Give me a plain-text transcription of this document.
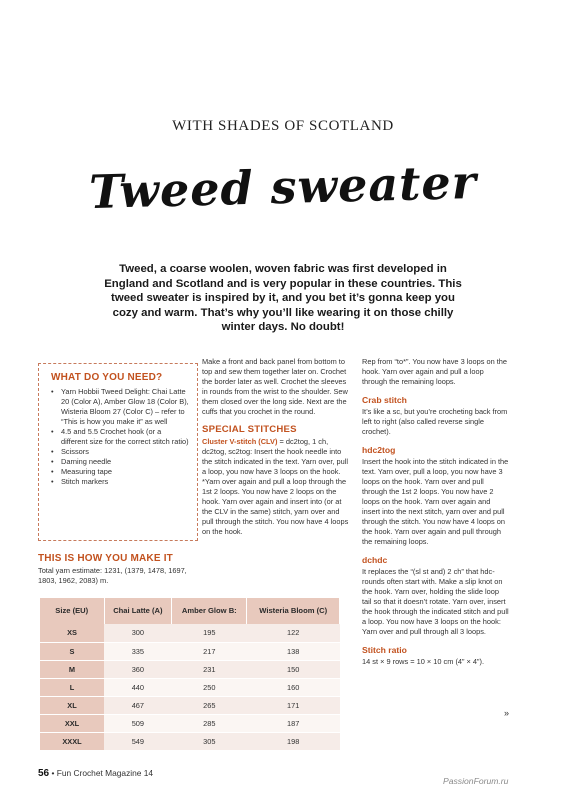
WITH SHADES OF SCOTLAND
Tweed sweater
Tweed, a coarse woolen, woven fabric was first developed in England and Scotland and is very popular in these countries. This tweed sweater is inspired by it, and you bet it’s gonna keep you cozy and warm. That’s why you’ll like wearing it on those chilly winter days. No doubt!
WHAT DO YOU NEED?
• Yarn Hobbii Tweed Delight: Chai Latte 20 (Color A), Amber Glow 18 (Color B), Wisteria Bloom 27 (Color C) – refer to “This is how you make it” as well
• 4.5 and 5.5 Crochet hook (or a different size for the correct stitch ratio)
• Scissors
• Darning needle
• Measuring tape
• Stitch markers
THIS IS HOW YOU MAKE IT
Total yarn estimate: 1231, (1379, 1478, 1697, 1803, 1962, 2083) m.
Size (EU)	Chai Latte (A)	Amber Glow B:	Wisteria Bloom (C)
XS	300	195	122
S	335	217	138
M	360	231	150
L	440	250	160
XL	467	265	171
XXL	509	285	187
XXXL	549	305	198

Make a front and back panel from bottom to top and sew them together later on. Crochet the border later as well. Crochet the sleeves in rounds from the wrist to the shoulder. Sew them closed over the long side. Next are the cuffs that you crochet in the round.

SPECIAL STITCHES

Cluster V-stitch (CLV) = dc2tog, 1 ch, dc2tog, sc2tog: Insert the hook needle into the stitch indicated in the text. Yarn over, pull a loop, you now have 3 loops on the hook. *Yarn over again and pull a loop through the 1st 2 loops. You now have 2 loops on the hook. Yarn over again and insert into (or at the CLV in the same) stitch, yarn over and pull through the stitch. You now have 4 loops on the hook.

Rep from “to*”. You now have 3 loops on the hook. Yarn over again and pull a loop through the remaining loops.

Crab stitch

It’s like a sc, but you’re crocheting back from left to right (also called reverse single crochet).

hdc2tog

Insert the hook into the stitch indicated in the text. Yarn over, pull a loop, you now have 3 loops on the hook. Yarn over and pull through the 1st 2 loops. You now have 2 loops on the hook. Yarn over again and insert into the next stitch, yarn over and pull through the stitch. You now have 4 loops on the hook. Yarn over again and pull through the remaining loops.

dchdc

It replaces the “(sl st and) 2 ch” that hdc-rounds often start with. Make a slip knot on the hook. Yarn over, holding the slide loop tail so that it doesn’t rotate. Yarn over, insert the hook through the indicated stitch and pull a loop. You now have 3 loops on the hook: Yarn over and pull through all 3 loops.

Stitch ratio

14 st × 9 rows = 10 × 10 cm (4” × 4”).

»
56 • Fun Crochet Magazine 14
PassionForum.ru
